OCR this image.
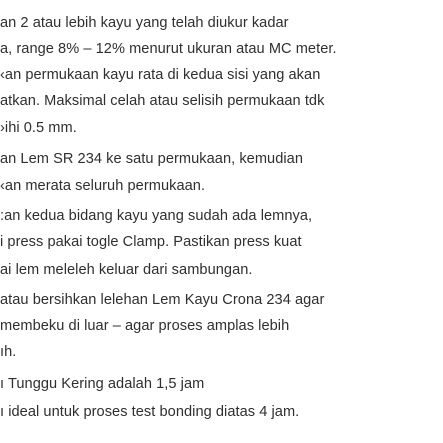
an 2 atau lebih kayu yang telah diukur kadar
a, range 8% – 12% menurut ukuran atau MC meter.
‹an permukaan kayu rata di kedua sisi yang akan
atkan. Maksimal celah atau selisih permukaan tdk
›ihi 0.5 mm.
an Lem SR 234 ke satu permukaan, kemudian
‹an merata seluruh permukaan.
:an kedua bidang kayu yang sudah ada lemnya,
i press pakai togle Clamp. Pastikan press kuat
ai lem meleleh keluar dari sambungan.
atau bersihkan lelehan Lem Kayu Crona 234 agar
membeku di luar – agar proses amplas lebih
ıh.
ı Tunggu Kering adalah 1,5 jam
ı ideal untuk proses test bonding diatas 4 jam.
